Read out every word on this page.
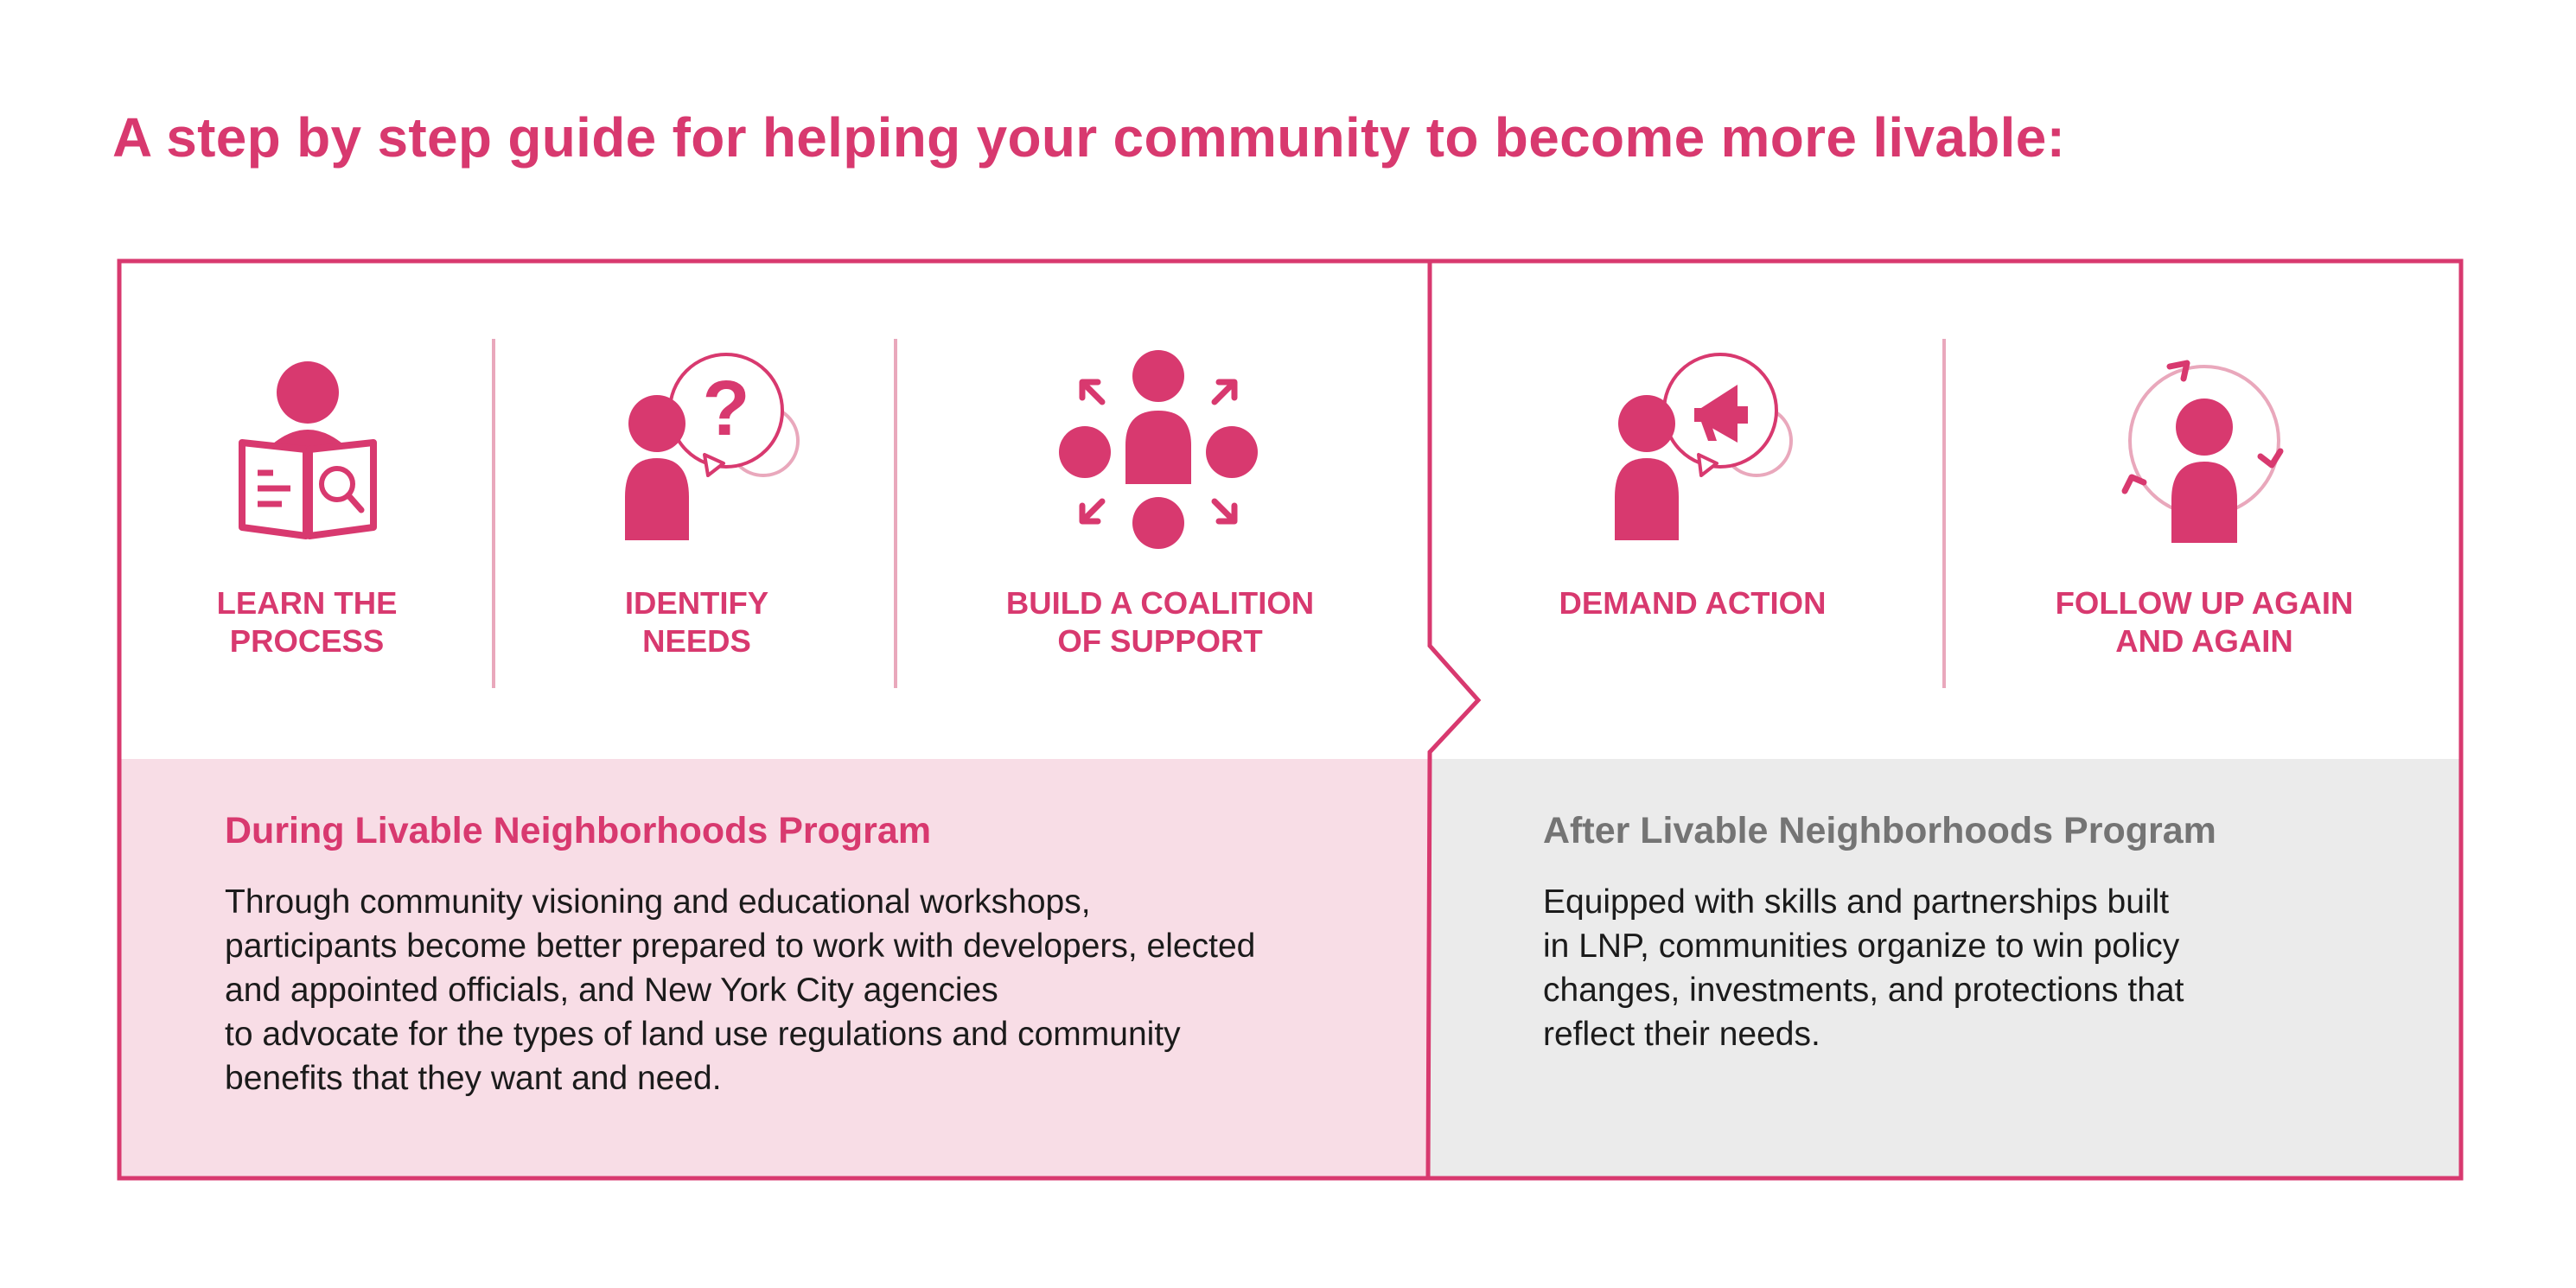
A step by step guide for helping your community to become more livable:
?
LEARN THE
PROCESS
IDENTIFY
NEEDS
BUILD A COALITION
OF SUPPORT
DEMAND ACTION	FOLLOW UP AGAIN
AND AGAIN
During Livable Neighborhoods Program

Through community visioning and educational workshops,
participants become better prepared to work with developers, elected
and appointed officials, and New York City agencies
to advocate for the types of land use regulations and community
benefits that they want and need.

After Livable Neighborhoods Program

Equipped with skills and partnerships built
in LNP, communities organize to win policy
changes, investments, and protections that
reflect their needs.
